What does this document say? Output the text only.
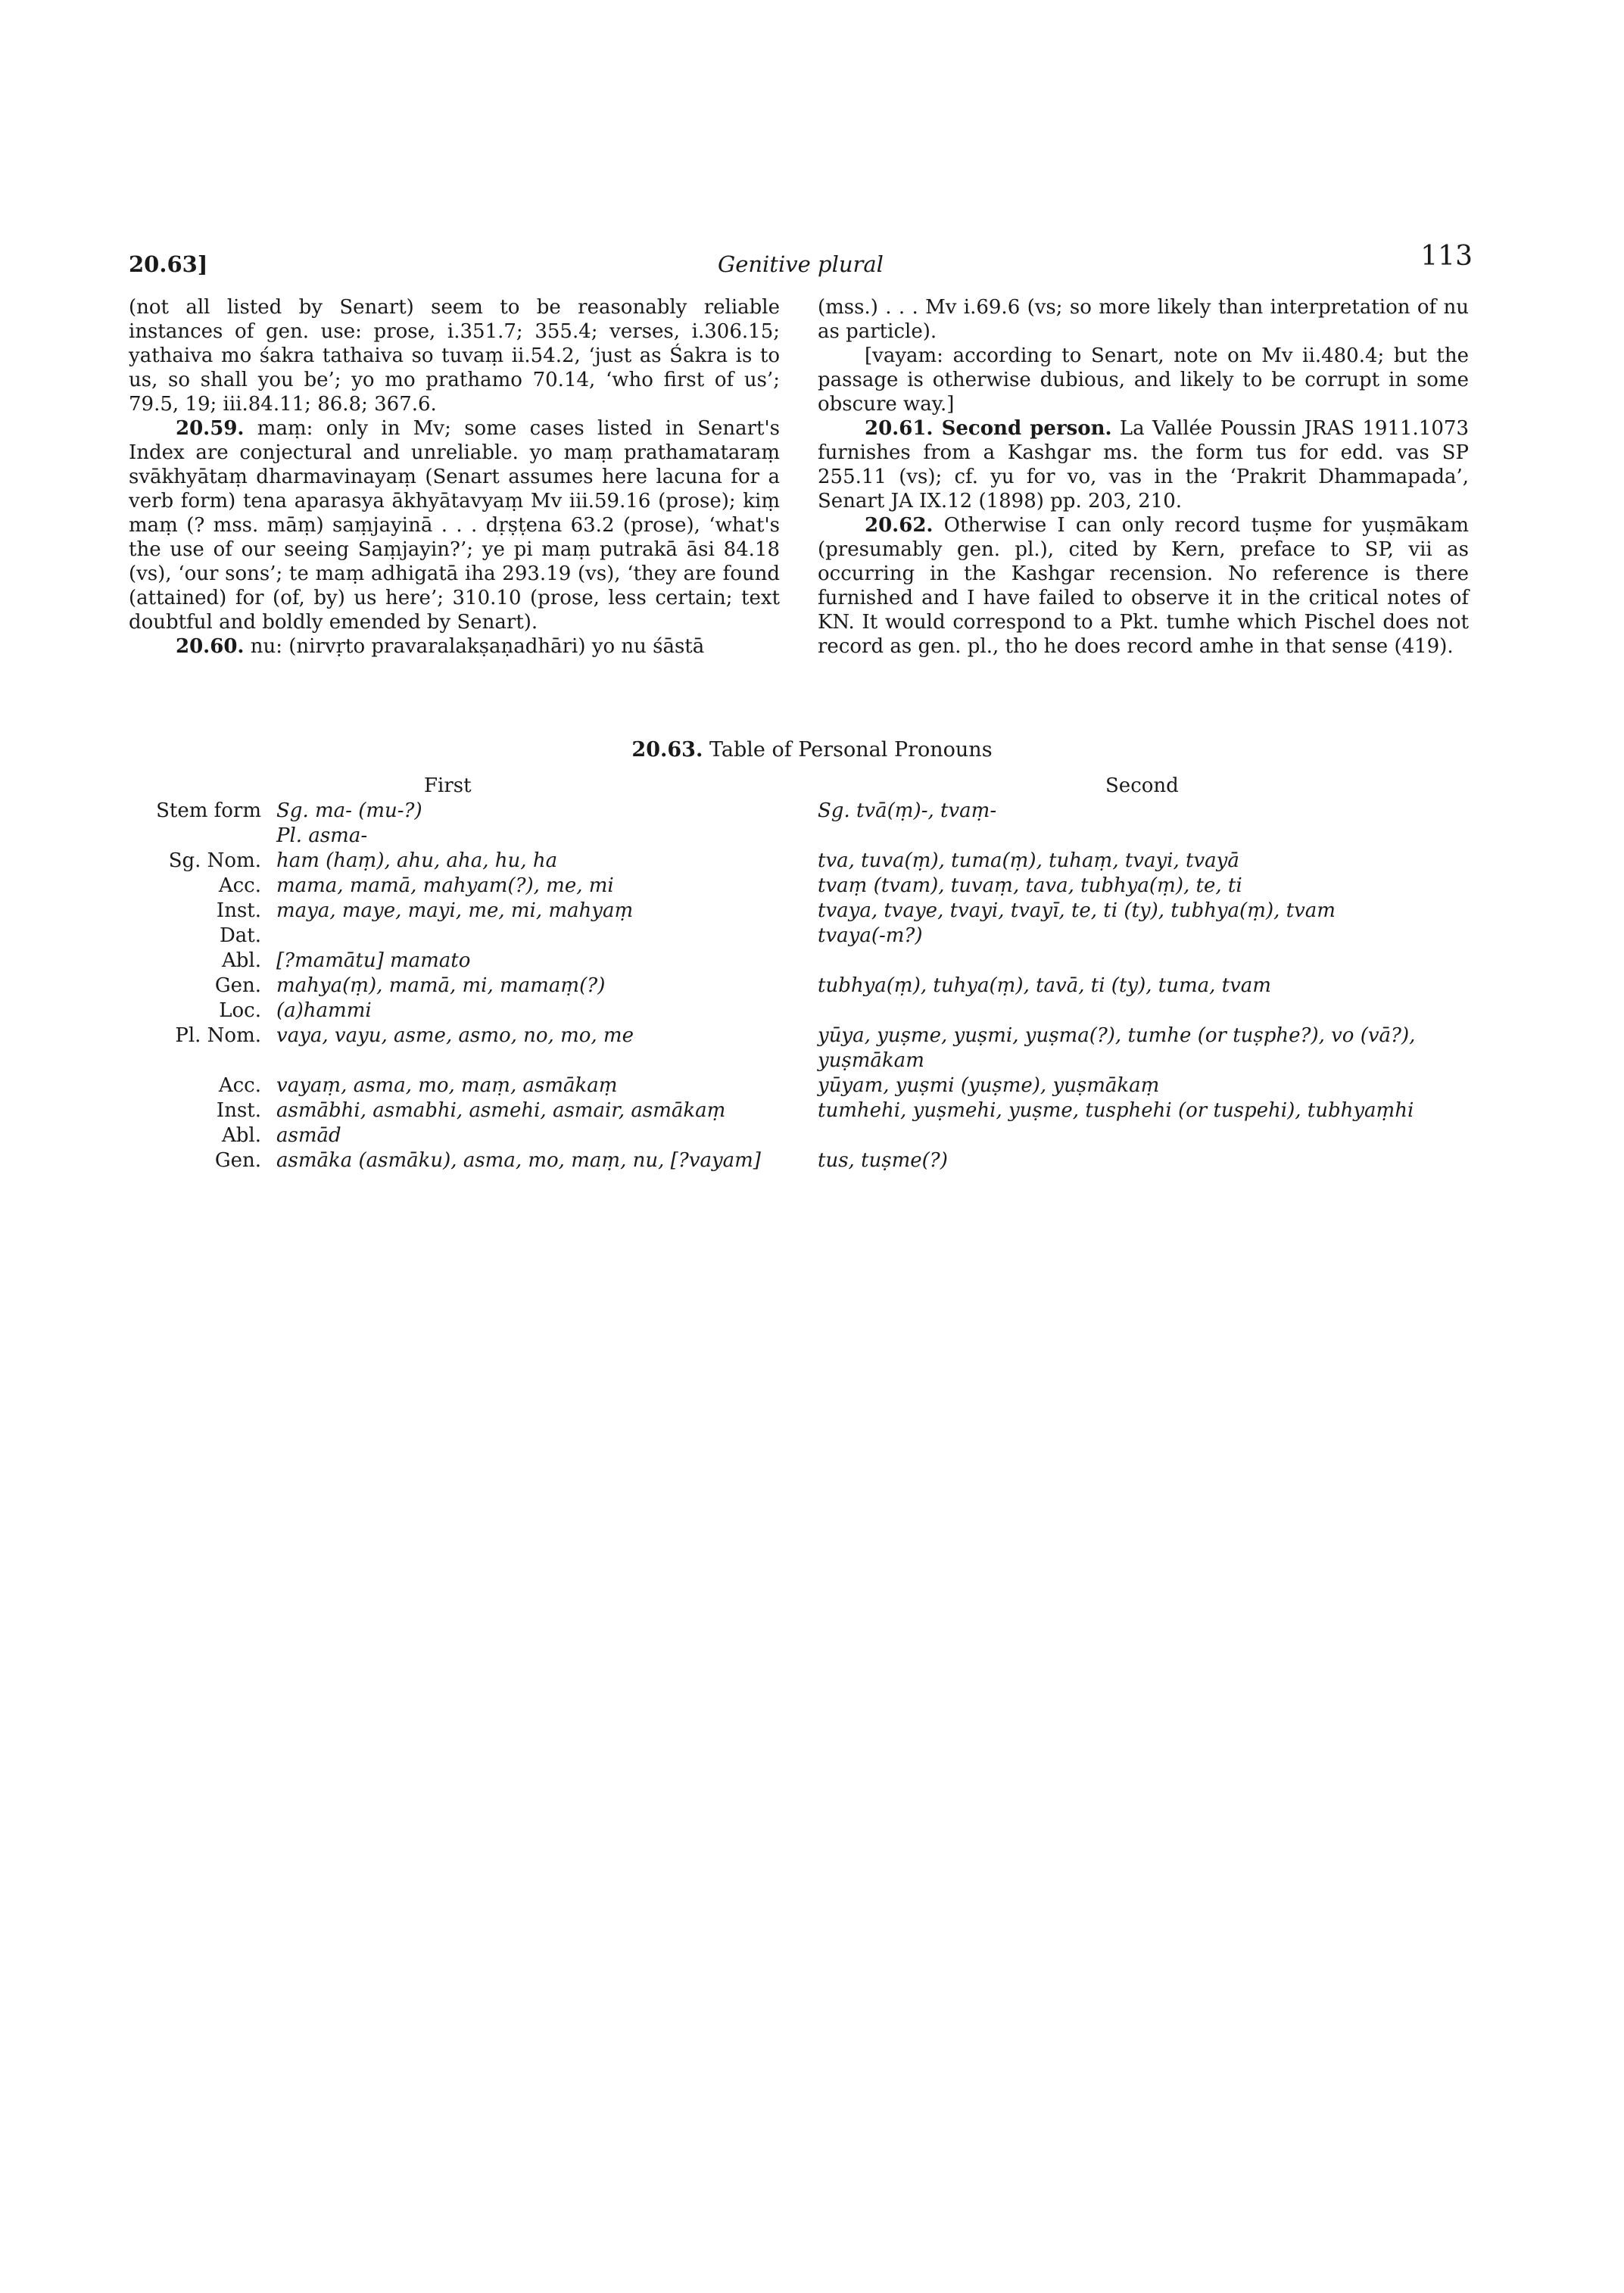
20.63]	Genitive plural	113

(not all listed by Senart) seem to be reasonably reliable instances of gen. use: prose, i.351.7; 355.4; verses, i.306.15; yathaiva mo śakra tathaiva so tuvaṃ ii.54.2, ‘just as Śakra is to us, so shall you be’; yo mo prathamo 70.14, ‘who first of us’; 79.5, 19; iii.84.11; 86.8; 367.6.

20.59. maṃ: only in Mv; some cases listed in Senart's Index are conjectural and unreliable. yo maṃ prathamataraṃ svākhyātaṃ dharmavinayaṃ (Senart assumes here lacuna for a verb form) tena aparasya ākhyātavyaṃ Mv iii.59.16 (prose); kiṃ maṃ (? mss. māṃ) saṃjayinā . . . dṛṣṭena 63.2 (prose), ‘what's the use of our seeing Saṃjayin?’; ye pi maṃ putrakā āsi 84.18 (vs), ‘our sons’; te maṃ adhigatā iha 293.19 (vs), ‘they are found (attained) for (of, by) us here’; 310.10 (prose, less certain; text doubtful and boldly emended by Senart).

20.60. nu: (nirvṛto pravaralakṣaṇadhāri) yo nu śāstā

(mss.) . . . Mv i.69.6 (vs; so more likely than interpretation of nu as particle).

[vayam: according to Senart, note on Mv ii.480.4; but the passage is otherwise dubious, and likely to be corrupt in some obscure way.]

20.61. Second person. La Vallée Poussin JRAS 1911.1073 furnishes from a Kashgar ms. the form tus for edd. vas SP 255.11 (vs); cf. yu for vo, vas in the ‘Prakrit Dhammapada’, Senart JA IX.12 (1898) pp. 203, 210.

20.62. Otherwise I can only record tuṣme for yuṣmākam (presumably gen. pl.), cited by Kern, preface to SP, vii as occurring in the Kashgar recension. No reference is there furnished and I have failed to observe it in the critical notes of KN. It would correspond to a Pkt. tumhe which Pischel does not record as gen. pl., tho he does record amhe in that sense (419).

20.63. Table of Personal Pronouns
First	Second
Stem form Sg. ma- (mu-?)	Sg. tvā(ṃ)-, tvaṃ-
Pl. asma-
Sg. Nom. ham (haṃ), ahu, aha, hu, ha	tva, tuva(ṃ), tuma(ṃ), tuhaṃ, tvayi, tvayā
Acc. mama, mamā, mahyam(?), me, mi	tvaṃ (tvam), tuvaṃ, tava, tubhya(ṃ), te, ti
Inst. maya, maye, mayi, me, mi, mahyaṃ	tvaya, tvaye, tvayi, tvayī, te, ti (ty), tubhya(ṃ), tvam
Dat.	tvaya(-m?)
Abl. [?mamātu] mamato
Gen. mahya(ṃ), mamā, mi, mamaṃ(?)	tubhya(ṃ), tuhya(ṃ), tavā, ti (ty), tuma, tvam
Loc. (a)hammi
Pl. Nom. vaya, vayu, asme, asmo, no, mo, me	yūya, yuṣme, yuṣmi, yuṣma(?), tumhe (or tuṣphe?), vo (vā?), yuṣmākam
Acc. vayaṃ, asma, mo, maṃ, asmākaṃ	yūyam, yuṣmi (yuṣme), yuṣmākaṃ
Inst. asmābhi, asmabhi, asmehi, asmair, asmākaṃ	tumhehi, yuṣmehi, yuṣme, tusphehi (or tuspehi), tubhyaṃhi
Abl. asmād
Gen. asmāka (asmāku), asma, mo, maṃ, nu, [?vayam]	tus, tuṣme(?)
